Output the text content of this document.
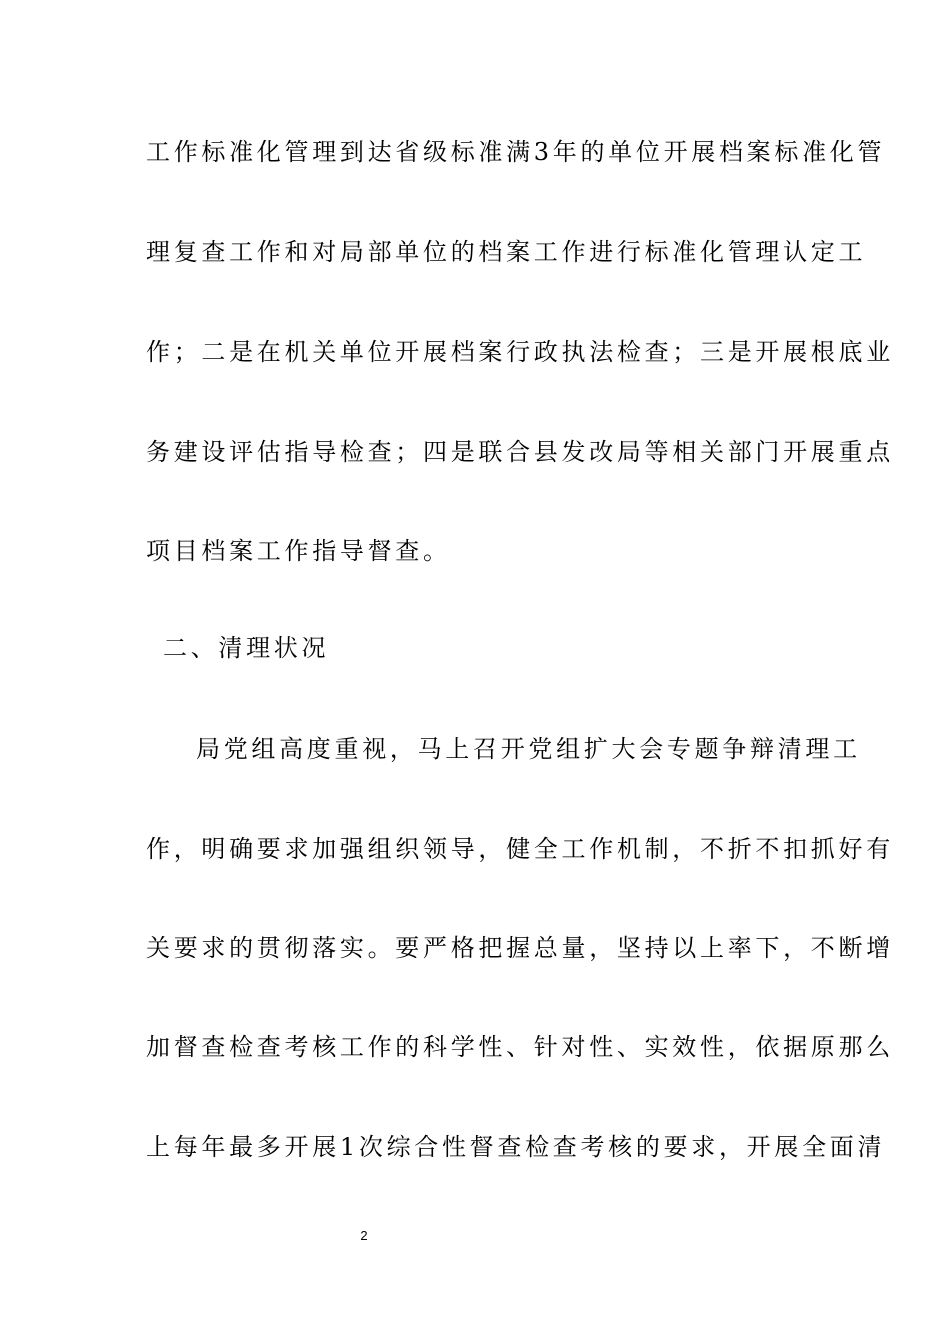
工作标准化管理到达省级标准满3年的单位开展档案标准化管
理复查工作和对局部单位的档案工作进行标准化管理认定工
作；二是在机关单位开展档案行政执法检查；三是开展根底业
务建设评估指导检查；四是联合县发改局等相关部门开展重点
项目档案工作指导督查。
二、清理状况
局党组高度重视，马上召开党组扩大会专题争辩清理工
作，明确要求加强组织领导，健全工作机制，不折不扣抓好有
关要求的贯彻落实。要严格把握总量，坚持以上率下，不断增
加督查检查考核工作的科学性、针对性、实效性，依据原那么
上每年最多开展1次综合性督查检查考核的要求，开展全面清
2
